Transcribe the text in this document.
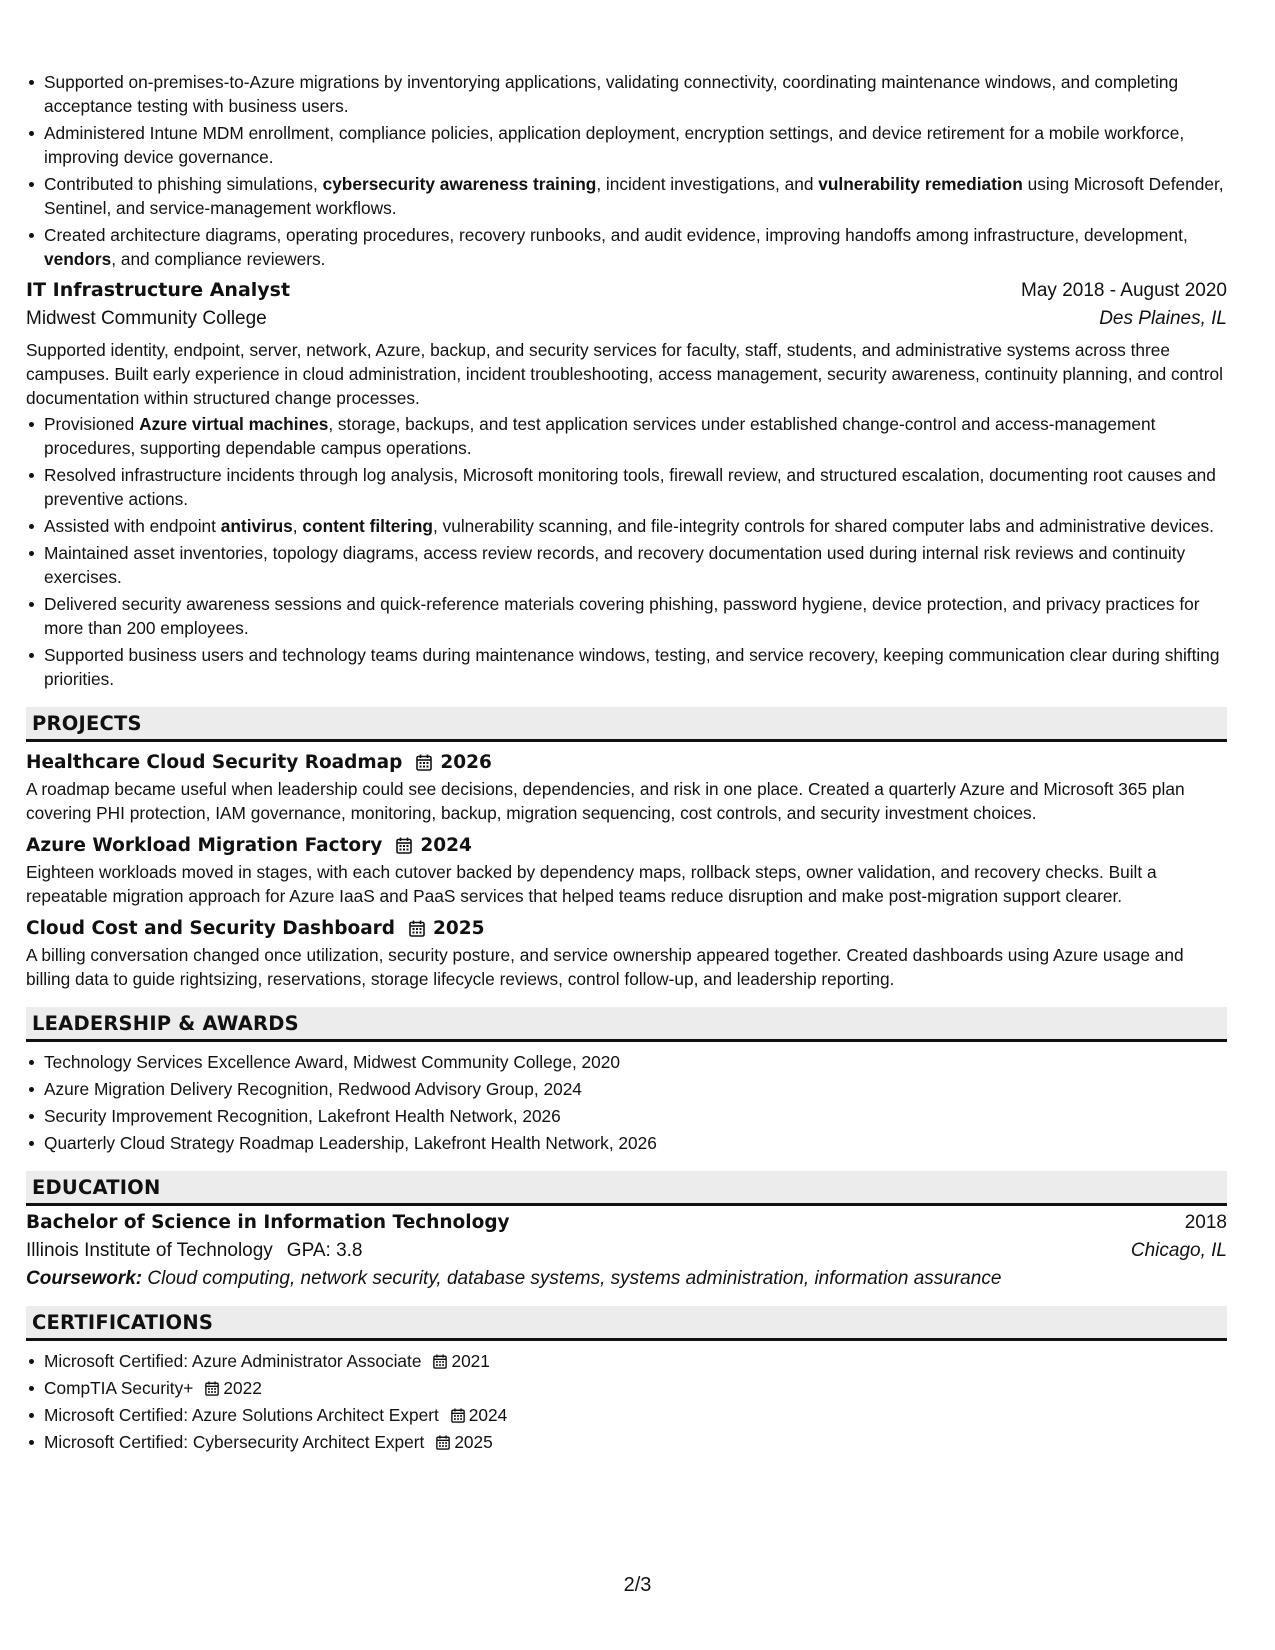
Supported on-premises-to-Azure migrations by inventorying applications, validating connectivity, coordinating maintenance windows, and completing acceptance testing with business users.
Administered Intune MDM enrollment, compliance policies, application deployment, encryption settings, and device retirement for a mobile workforce, improving device governance.
Contributed to phishing simulations, cybersecurity awareness training, incident investigations, and vulnerability remediation using Microsoft Defender, Sentinel, and service-management workflows.
Created architecture diagrams, operating procedures, recovery runbooks, and audit evidence, improving handoffs among infrastructure, development, vendors, and compliance reviewers.
IT Infrastructure Analyst	May 2018 - August 2020
Midwest Community College	Des Plaines, IL
Supported identity, endpoint, server, network, Azure, backup, and security services for faculty, staff, students, and administrative systems across three campuses. Built early experience in cloud administration, incident troubleshooting, access management, security awareness, continuity planning, and control documentation within structured change processes.
Provisioned Azure virtual machines, storage, backups, and test application services under established change-control and access-management procedures, supporting dependable campus operations.
Resolved infrastructure incidents through log analysis, Microsoft monitoring tools, firewall review, and structured escalation, documenting root causes and preventive actions.
Assisted with endpoint antivirus, content filtering, vulnerability scanning, and file-integrity controls for shared computer labs and administrative devices.
Maintained asset inventories, topology diagrams, access review records, and recovery documentation used during internal risk reviews and continuity exercises.
Delivered security awareness sessions and quick-reference materials covering phishing, password hygiene, device protection, and privacy practices for more than 200 employees.
Supported business users and technology teams during maintenance windows, testing, and service recovery, keeping communication clear during shifting priorities.
PROJECTS
Healthcare Cloud Security Roadmap 2026
A roadmap became useful when leadership could see decisions, dependencies, and risk in one place. Created a quarterly Azure and Microsoft 365 plan covering PHI protection, IAM governance, monitoring, backup, migration sequencing, cost controls, and security investment choices.
Azure Workload Migration Factory 2024
Eighteen workloads moved in stages, with each cutover backed by dependency maps, rollback steps, owner validation, and recovery checks. Built a repeatable migration approach for Azure IaaS and PaaS services that helped teams reduce disruption and make post-migration support clearer.
Cloud Cost and Security Dashboard 2025
A billing conversation changed once utilization, security posture, and service ownership appeared together. Created dashboards using Azure usage and billing data to guide rightsizing, reservations, storage lifecycle reviews, control follow-up, and leadership reporting.
LEADERSHIP & AWARDS
Technology Services Excellence Award, Midwest Community College, 2020
Azure Migration Delivery Recognition, Redwood Advisory Group, 2024
Security Improvement Recognition, Lakefront Health Network, 2026
Quarterly Cloud Strategy Roadmap Leadership, Lakefront Health Network, 2026
EDUCATION
Bachelor of Science in Information Technology	2018
Illinois Institute of Technology GPA: 3.8	Chicago, IL
Coursework: Cloud computing, network security, database systems, systems administration, information assurance
CERTIFICATIONS
Microsoft Certified: Azure Administrator Associate 2021
CompTIA Security+ 2022
Microsoft Certified: Azure Solutions Architect Expert 2024
Microsoft Certified: Cybersecurity Architect Expert 2025
2/3
